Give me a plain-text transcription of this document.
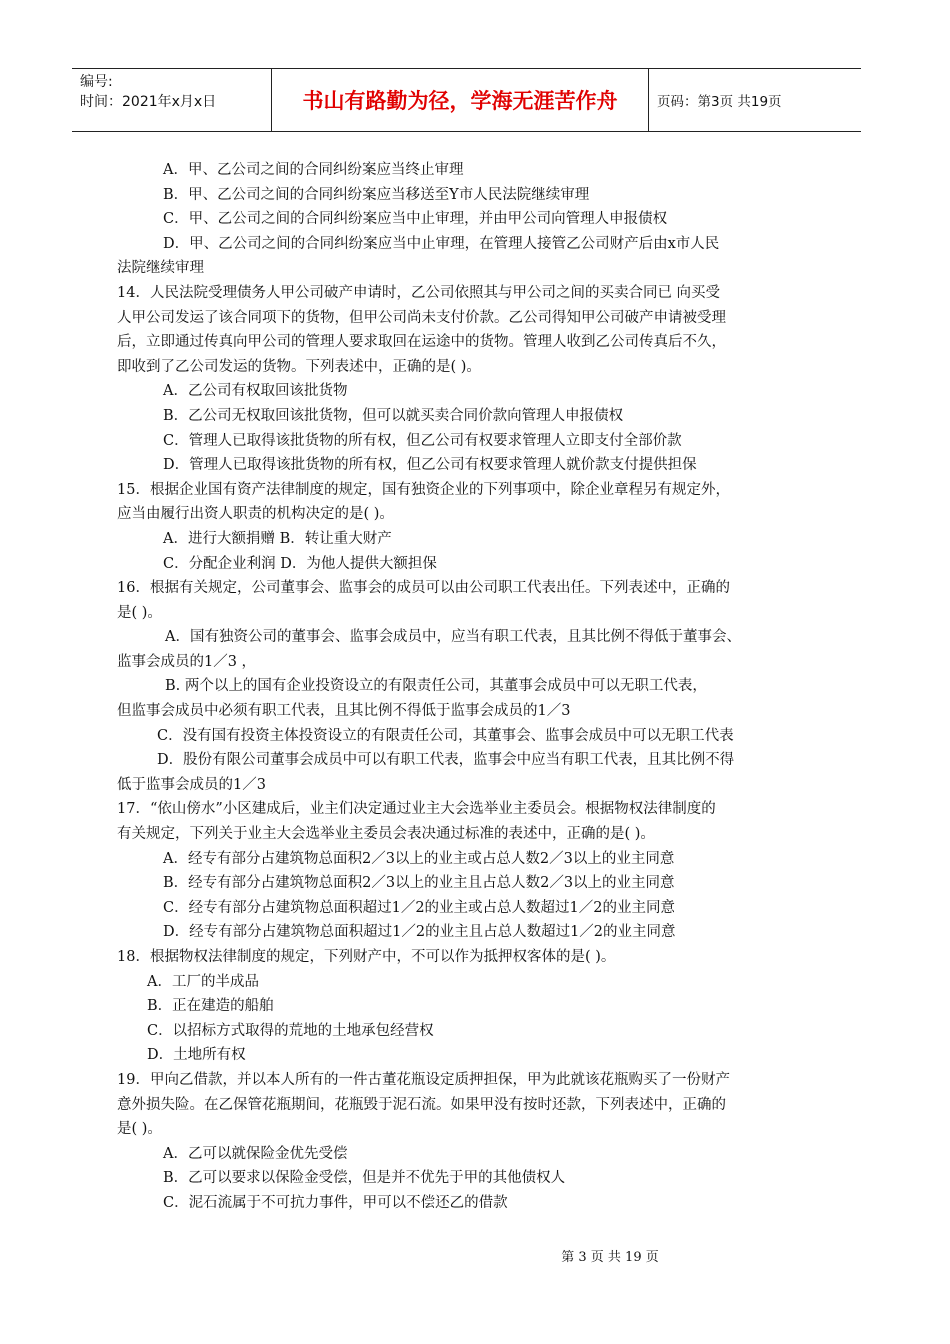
编号:
时间：2021年x月x日	书山有路勤为径，学海无涯苦作舟	页码：第3页 共19页
A．甲、乙公司之间的合同纠纷案应当终止审理
B．甲、乙公司之间的合同纠纷案应当移送至Y市人民法院继续审理
C．甲、乙公司之间的合同纠纷案应当中止审理，并由甲公司向管理人申报债权
D．甲、乙公司之间的合同纠纷案应当中止审理，在管理人接管乙公司财产后由x市人民
法院继续审理
14．人民法院受理债务人甲公司破产申请时，乙公司依照其与甲公司之间的买卖合同已 向买受
人甲公司发运了该合同项下的货物，但甲公司尚未支付价款。乙公司得知甲公司破产申请被受理
后，立即通过传真向甲公司的管理人要求取回在运途中的货物。管理人收到乙公司传真后不久，
即收到了乙公司发运的货物。下列表述中，正确的是( )。
A．乙公司有权取回该批货物
B．乙公司无权取回该批货物，但可以就买卖合同价款向管理人申报债权
C．管理人已取得该批货物的所有权，但乙公司有权要求管理人立即支付全部价款
D．管理人已取得该批货物的所有权，但乙公司有权要求管理人就价款支付提供担保
15．根据企业国有资产法律制度的规定，国有独资企业的下列事项中，除企业章程另有规定外，
应当由履行出资人职责的机构决定的是( )。
A．进行大额捐赠 B．转让重大财产
C．分配企业利润 D．为他人提供大额担保
16．根据有关规定，公司董事会、监事会的成员可以由公司职工代表出任。下列表述中，正确的
是( )。
A．国有独资公司的董事会、监事会成员中，应当有职工代表，且其比例不得低于董事会、
监事会成员的1／3 ，
B. 两个以上的国有企业投资设立的有限责任公司，其董事会成员中可以无职工代表，
但监事会成员中必须有职工代表，且其比例不得低于监事会成员的1／3
C．没有国有投资主体投资设立的有限责任公司，其董事会、监事会成员中可以无职工代表
D．股份有限公司董事会成员中可以有职工代表，监事会中应当有职工代表，且其比例不得
低于监事会成员的1／3
17．“依山傍水”小区建成后，业主们决定通过业主大会选举业主委员会。根据物权法律制度的
有关规定，下列关于业主大会选举业主委员会表决通过标准的表述中，正确的是( )。
A．经专有部分占建筑物总面积2／3以上的业主或占总人数2／3以上的业主同意
B．经专有部分占建筑物总面积2／3以上的业主且占总人数2／3以上的业主同意
C．经专有部分占建筑物总面积超过1／2的业主或占总人数超过1／2的业主同意
D．经专有部分占建筑物总面积超过1／2的业主且占总人数超过1／2的业主同意
18．根据物权法律制度的规定，下列财产中，不可以作为抵押权客体的是( )。
A．工厂的半成品
B．正在建造的船舶
C．以招标方式取得的荒地的土地承包经营权
D．土地所有权
19．甲向乙借款，并以本人所有的一件古董花瓶设定质押担保，甲为此就该花瓶购买了一份财产
意外损失险。在乙保管花瓶期间，花瓶毁于泥石流。如果甲没有按时还款，下列表述中，正确的
是( )。
A．乙可以就保险金优先受偿
B．乙可以要求以保险金受偿，但是并不优先于甲的其他债权人
C．泥石流属于不可抗力事件，甲可以不偿还乙的借款
第 3 页 共 19 页
